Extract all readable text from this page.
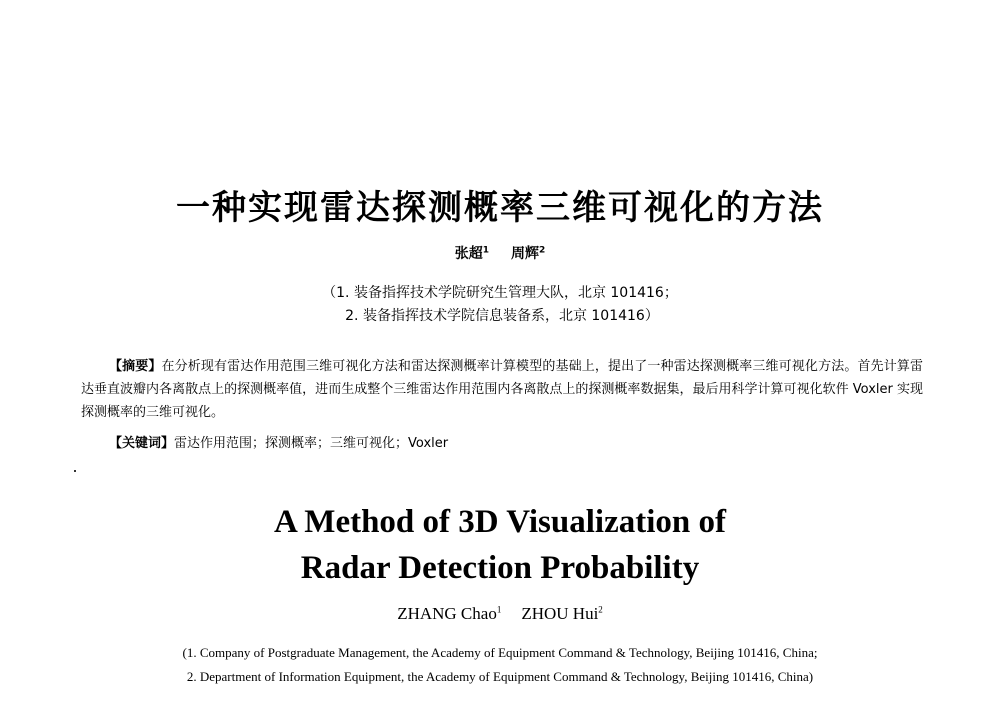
一种实现雷达探测概率三维可视化的方法
张超$^1$ 周辉$^2$
（1. 装备指挥技术学院研究生管理大队，北京 101416；
2. 装备指挥技术学院信息装备系，北京 101416）
【摘要】在分析现有雷达作用范围三维可视化方法和雷达探测概率计算模型的基础上，提出了一种雷达探测概率三维可视化方法。首先计算雷达垂直波瓣内各离散点上的探测概率值，进而生成整个三维雷达作用范围内各离散点上的探测概率数据集，最后用科学计算可视化软件 Voxler 实现探测概率的三维可视化。
【关键词】雷达作用范围；探测概率；三维可视化；Voxler
A Method of 3D Visualization of
Radar Detection Probability
ZHANG Chao$^1$ ZHOU Hui$^2$
(1. Company of Postgraduate Management, the Academy of Equipment Command & Technology, Beijing 101416, China;
2. Department of Information Equipment, the Academy of Equipment Command & Technology, Beijing 101416, China)
